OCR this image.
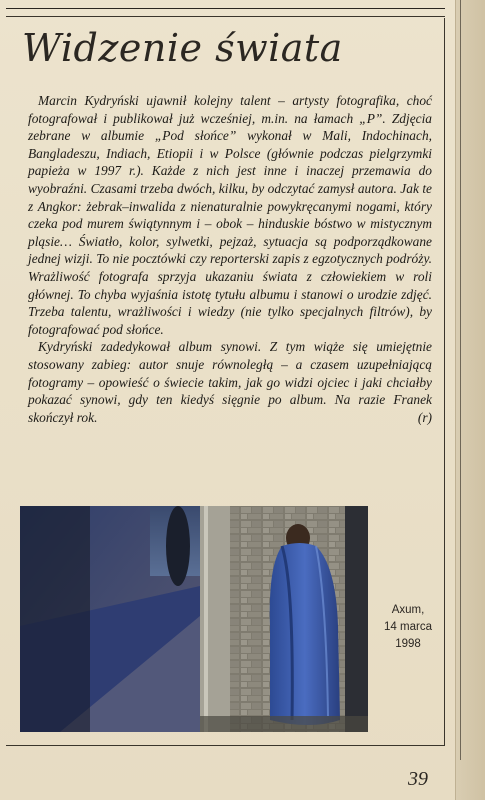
Widzenie świata

Marcin Kydryński ujawnił kolejny talent – artysty fotografika, choć fotografował i publikował już wcześniej, m.in. na łamach „P”. Zdjęcia zebrane w albumie „Pod słońce” wykonał w Mali, Indochinach, Bangladeszu, Indiach, Etiopii i w Polsce (głównie podczas pielgrzymki papieża w 1997 r.). Każde z nich jest inne i inaczej przemawia do wyobraźni. Czasami trzeba dwóch, kilku, by odczytać zamysł autora. Jak te z Angkor: żebrak–inwalida z nienaturalnie powykręcanymi nogami, który czeka pod murem świątynnym i – obok – hinduskie bóstwo w mistycznym pląsie… Światło, kolor, sylwetki, pejzaż, sytuacja są podporządkowane jednej wizji. To nie pocztówki czy reporterski zapis z egzotycznych podróży. Wrażliwość fotografa sprzyja ukazaniu świata z człowiekiem w roli głównej. To chyba wyjaśnia istotę tytułu albumu i stanowi o urodzie zdjęć. Trzeba talentu, wrażliwości i wiedzy (nie tylko specjalnych filtrów), by fotografować pod słońce.

Kydryński zadedykował album synowi. Z tym wiąże się umiejętnie stosowany zabieg: autor snuje równoległą – a czasem uzupełniającą fotogramy – opowieść o świecie takim, jak go widzi ojciec i jaki chciałby pokazać synowi, gdy ten kiedyś sięgnie po album. Na razie Franek skończył rok.	(r)

Axum,
14 marca
1998
39
